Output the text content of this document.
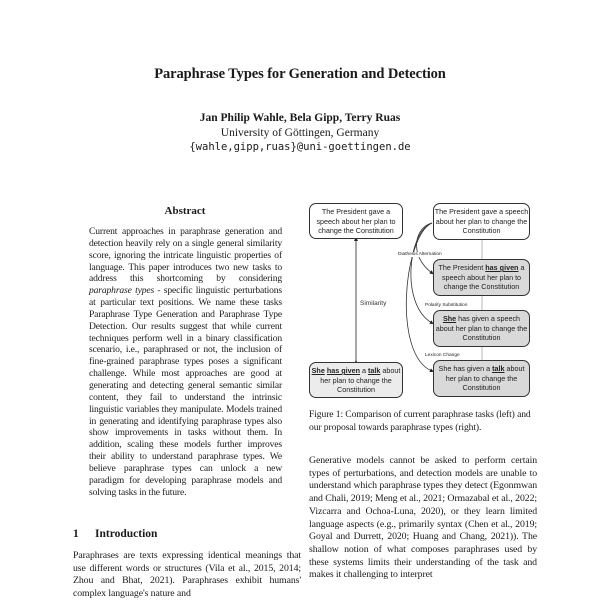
Paraphrase Types for Generation and Detection
Jan Philip Wahle, Bela Gipp, Terry Ruas
University of Göttingen, Germany
{wahle,gipp,ruas}@uni-goettingen.de
Abstract

Current approaches in paraphrase generation and detection heavily rely on a single general similarity score, ignoring the intricate linguistic properties of language. This paper introduces two new tasks to address this shortcoming by considering paraphrase types - specific linguistic perturbations at particular text positions. We name these tasks Paraphrase Type Generation and Paraphrase Type Detection. Our results suggest that while current techniques perform well in a binary classification scenario, i.e., paraphrased or not, the inclusion of fine-grained paraphrase types poses a significant challenge. While most approaches are good at generating and detecting general semantic similar content, they fail to understand the intrinsic linguistic variables they manipulate. Models trained in generating and identifying paraphrase types also show improvements in tasks without them. In addition, scaling these models further improves their ability to understand paraphrase types. We believe paraphrase types can unlock a new paradigm for developing paraphrase models and solving tasks in the future.

1 Introduction

Paraphrases are texts expressing identical meanings that use different words or structures (Vila et al., 2015, 2014; Zhou and Bhat, 2021). Paraphrases exhibit humans' complex language's nature and

The President gave a speech about her plan to change the Constitution
Similarity
She has given a talk about her plan to change the Constitution
The President gave a speech about her plan to change the Constitution
Diathesis Alternation
The President has given a speech about her plan to change the Constitution
Polarity Substitution
She has given a speech about her plan to change the Constitution
Lexicon Change
She has given a talk about her plan to change the Constitution
Figure 1: Comparison of current paraphrase tasks (left) and our proposal towards paraphrase types (right).

Generative models cannot be asked to perform certain types of perturbations, and detection models are unable to understand which paraphrase types they detect (Egonmwan and Chali, 2019; Meng et al., 2021; Ormazabal et al., 2022; Vizcarra and Ochoa-Luna, 2020), or they learn limited language aspects (e.g., primarily syntax (Chen et al., 2019; Goyal and Durrett, 2020; Huang and Chang, 2021)). The shallow notion of what composes paraphrases used by these systems limits their understanding of the task and makes it challenging to interpret
